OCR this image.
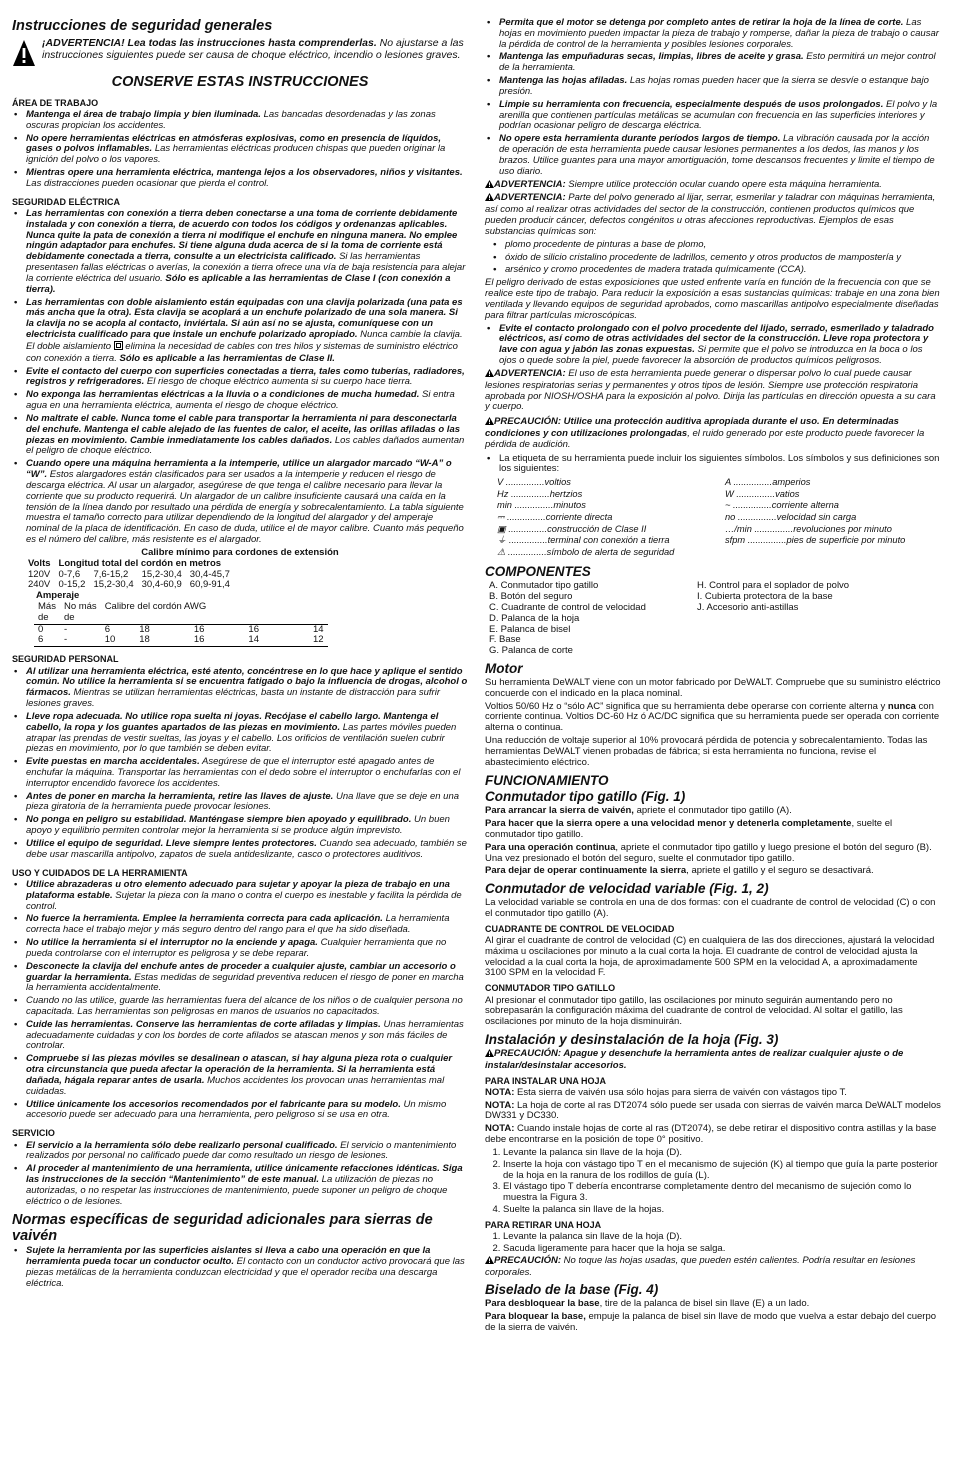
Instrucciones de seguridad generales

¡ADVERTENCIA! Lea todas las instrucciones hasta comprenderlas. No ajustarse a las instrucciones siguientes puede ser causa de choque eléctrico, incendio o lesiones graves.

CONSERVE ESTAS INSTRUCCIONES
ÁREA DE TRABAJO
• Mantenga el área de trabajo limpia y bien iluminada. Las bancadas desordenadas y las zonas oscuras propician los accidentes.
• No opere herramientas eléctricas en atmósferas explosivas, como en presencia de líquidos, gases o polvos inflamables. Las herramientas eléctricas producen chispas que pueden originar la ignición del polvo o los vapores.
• Mientras opere una herramienta eléctrica, mantenga lejos a los observadores, niños y visitantes. Las distracciones pueden ocasionar que pierda el control.
SEGURIDAD ELÉCTRICA
• Las herramientas con conexión a tierra deben conectarse a una toma de corriente debidamente instalada y con conexión a tierra, de acuerdo con todos los códigos y ordenanzas aplicables. Nunca quite la pata de conexión a tierra ni modifique el enchufe en ninguna manera. No emplee ningún adaptador para enchufes. Si tiene alguna duda acerca de si la toma de corriente está debidamente conectada a tierra, consulte a un electricista calificado. Si las herramientas presentasen fallas eléctricas o averías, la conexión a tierra ofrece una vía de baja resistencia para alejar la corriente eléctrica del usuario. Sólo es aplicable a las herramientas de Clase I (con conexión a tierra).
• Las herramientas con doble aislamiento están equipadas con una clavija polarizada (una pata es más ancha que la otra). Esta clavija se acoplará a un enchufe polarizado de una sola manera. Si la clavija no se acopla al contacto, inviértala. Si aún así no se ajusta, comuníquese con un electricista cualificado para que instale un enchufe polarizado apropiado. Nunca cambie la clavija. El doble aislamiento  elimina la necesidad de cables con tres hilos y sistemas de suministro eléctrico con conexión a tierra. Sólo es aplicable a las herramientas de Clase II.
• Evite el contacto del cuerpo con superficies conectadas a tierra, tales como tuberías, radiadores, registros y refrigeradores. El riesgo de choque eléctrico aumenta si su cuerpo hace tierra.
• No exponga las herramientas eléctricas a la lluvia o a condiciones de mucha humedad. Si entra agua en una herramienta eléctrica, aumenta el riesgo de choque eléctrico.
• No maltrate el cable. Nunca tome el cable para transportar la herramienta ni para desconectarla del enchufe. Mantenga el cable alejado de las fuentes de calor, el aceite, las orillas afiladas o las piezas en movimiento. Cambie inmediatamente los cables dañados. Los cables dañados aumentan el peligro de choque eléctrico.
• Cuando opere una máquina herramienta a la intemperie, utilice un alargador marcado “W-A” o “W”. Estos alargadores están clasificados para ser usados a la intemperie y reducen el riesgo de descarga eléctrica. Al usar un alargador, asegúrese de que tenga el calibre necesario para llevar la corriente que su producto requerirá. Un alargador de un calibre insuficiente causará una caída en la tensión de la línea dando por resultado una pérdida de energía y sobrecalentamiento. La tabla siguiente muestra el tamaño correcto para utilizar dependiendo de la longitud del alargador y del amperaje nominal de la placa de identificación. En caso de duda, utilice el de mayor calibre. Cuanto más pequeño es el número del calibre, más resistente es el alargador.
Calibre mínimo para cordones de extensión
Volts	Longitud total del cordón en metros			
120V	0-7,6	7,6-15,2	15,2-30,4	30,4-45,7
240V	0-15,2	15,2-30,4	30,4-60,9	60,9-91,4
Amperaje
Más	No más	Calibre del cordón AWG				
de	de					
0	-	6	18	16	16	14
6	-	10	18	16	14	12
SEGURIDAD PERSONAL
• Al utilizar una herramienta eléctrica, esté atento, concéntrese en lo que hace y aplique el sentido común. No utilice la herramienta si se encuentra fatigado o bajo la influencia de drogas, alcohol o fármacos. Mientras se utilizan herramientas eléctricas, basta un instante de distracción para sufrir lesiones graves.
• Lleve ropa adecuada. No utilice ropa suelta ni joyas. Recójase el cabello largo. Mantenga el cabello, la ropa y los guantes apartados de las piezas en movimiento. Las partes móviles pueden atrapar las prendas de vestir sueltas, las joyas y el cabello. Los orificios de ventilación suelen cubrir piezas en movimiento, por lo que también se deben evitar.
• Evite puestas en marcha accidentales. Asegúrese de que el interruptor esté apagado antes de enchufar la máquina. Transportar las herramientas con el dedo sobre el interruptor o enchufarlas con el interruptor encendido favorece los accidentes.
• Antes de poner en marcha la herramienta, retire las llaves de ajuste. Una llave que se deje en una pieza giratoria de la herramienta puede provocar lesiones.
• No ponga en peligro su estabilidad. Manténgase siempre bien apoyado y equilibrado. Un buen apoyo y equilibrio permiten controlar mejor la herramienta si se produce algún imprevisto.
• Utilice el equipo de seguridad. Lleve siempre lentes protectores. Cuando sea adecuado, también se debe usar mascarilla antipolvo, zapatos de suela antideslizante, casco o protectores auditivos.
USO Y CUIDADOS DE LA HERRAMIENTA
• Utilice abrazaderas u otro elemento adecuado para sujetar y apoyar la pieza de trabajo en una plataforma estable. Sujetar la pieza con la mano o contra el cuerpo es inestable y facilita la pérdida de control.
• No fuerce la herramienta. Emplee la herramienta correcta para cada aplicación. La herramienta correcta hace el trabajo mejor y más seguro dentro del rango para el que ha sido diseñada.
• No utilice la herramienta si el interruptor no la enciende y apaga. Cualquier herramienta que no pueda controlarse con el interruptor es peligrosa y se debe reparar.
• Desconecte la clavija del enchufe antes de proceder a cualquier ajuste, cambiar un accesorio o guardar la herramienta. Estas medidas de seguridad preventiva reducen el riesgo de poner en marcha la herramienta accidentalmente.
• Cuando no las utilice, guarde las herramientas fuera del alcance de los niños o de cualquier persona no capacitada. Las herramientas son peligrosas en manos de usuarios no capacitados.
• Cuide las herramientas. Conserve las herramientas de corte afiladas y limpias. Unas herramientas adecuadamente cuidadas y con los bordes de corte afilados se atascan menos y son más fáciles de controlar.
• Compruebe si las piezas móviles se desalinean o atascan, si hay alguna pieza rota o cualquier otra circunstancia que pueda afectar la operación de la herramienta. Si la herramienta está dañada, hágala reparar antes de usarla. Muchos accidentes los provocan unas herramientas mal cuidadas.
• Utilice únicamente los accesorios recomendados por el fabricante para su modelo. Un mismo accesorio puede ser adecuado para una herramienta, pero peligroso si se usa en otra.
SERVICIO
• El servicio a la herramienta sólo debe realizarlo personal cualificado. El servicio o mantenimiento realizados por personal no calificado puede dar como resultado un riesgo de lesiones.
• Al proceder al mantenimiento de una herramienta, utilice únicamente refacciones idénticas. Siga las instrucciones de la sección “Mantenimiento” de este manual. La utilización de piezas no autorizadas, o no respetar las instrucciones de mantenimiento, puede suponer un peligro de choque eléctrico o de lesiones.
Normas específicas de seguridad adicionales para sierras de vaivén
• Sujete la herramienta por las superficies aislantes si lleva a cabo una operación en que la herramienta pueda tocar un conductor oculto. El contacto con un conductor activo provocará que las piezas metálicas de la herramienta conduzcan electricidad y que el operador reciba una descarga eléctrica.
• Permita que el motor se detenga por completo antes de retirar la hoja de la línea de corte. Las hojas en movimiento pueden impactar la pieza de trabajo y romperse, dañar la pieza de trabajo o causar la pérdida de control de la herramienta y posibles lesiones corporales.
• Mantenga las empuñaduras secas, limpias, libres de aceite y grasa. Esto permitirá un mejor control de la herramienta.
• Mantenga las hojas afiladas. Las hojas romas pueden hacer que la sierra se desvíe o estanque bajo presión.
• Limpie su herramienta con frecuencia, especialmente después de usos prolongados. El polvo y la arenilla que contienen partículas metálicas se acumulan con frecuencia en las superficies interiores y podrían ocasionar peligro de descarga eléctrica.
• No opere esta herramienta durante períodos largos de tiempo. La vibración causada por la acción de operación de esta herramienta puede causar lesiones permanentes a los dedos, las manos y los brazos. Utilice guantes para una mayor amortiguación, tome descansos frecuentes y limite el tiempo de uso diario.

ADVERTENCIA: Siempre utilice protección ocular cuando opere esta máquina herramienta.

ADVERTENCIA: Parte del polvo generado al lijar, serrar, esmerilar y taladrar con máquinas herramienta, así como al realizar otras actividades del sector de la construcción, contienen productos químicos que pueden producir cáncer, defectos congénitos u otras afecciones reproductivas. Ejemplos de esas substancias químicas son:

• plomo procedente de pinturas a base de plomo,
• óxido de silicio cristalino procedente de ladrillos, cemento y otros productos de mampostería y
• arsénico y cromo procedentes de madera tratada químicamente (CCA).

El peligro derivado de estas exposiciones que usted enfrente varía en función de la frecuencia con que se realice este tipo de trabajo. Para reducir la exposición a esas sustancias químicas: trabaje en una zona bien ventilada y llevando equipos de seguridad aprobados, como mascarillas antipolvo especialmente diseñadas para filtrar partículas microscópicas.

• Evite el contacto prolongado con el polvo procedente del lijado, serrado, esmerilado y taladrado eléctricos, así como de otras actividades del sector de la construcción. Lleve ropa protectora y lave con agua y jabón las zonas expuestas. Si permite que el polvo se introduzca en la boca o los ojos o quede sobre la piel, puede favorecer la absorción de productos químicos peligrosos.

ADVERTENCIA: El uso de esta herramienta puede generar o dispersar polvo lo cual puede causar lesiones respiratorias serias y permanentes y otros tipos de lesión. Siempre use protección respiratoria aprobada por NIOSH/OSHA para la exposición al polvo. Dirija las partículas en dirección opuesta a su cara y cuerpo.

PRECAUCIÓN: Utilice una protección auditiva apropiada durante el uso. En determinadas condiciones y con utilizaciones prolongadas, el ruido generado por este producto puede favorecer la pérdida de audición.

• La etiqueta de su herramienta puede incluir los siguientes símbolos. Los símbolos y sus definiciones son los siguientes:
V ...............voltios	A ...............amperios
Hz ...............hertzios	W ...............vatios
min ...............minutos	~ ...............corriente alterna
⎓ ...............corriente directa	no ...............velocidad sin carga
▣ ...............construcción de Clase II	…/min ...............revoluciones por minuto
⏚ ...............terminal con conexión a tierra	sfpm ...............pies de superficie por minuto
⚠ ...............símbolo de alerta de seguridad
COMPONENTES
A. Conmutador tipo gatillo
B. Botón del seguro
C. Cuadrante de control de velocidad
D. Palanca de la hoja
E. Palanca de bisel
F. Base
G. Palanca de corte
H. Control para el soplador de polvo
I. Cubierta protectora de la base
J. Accesorio anti-astillas
Motor

Su herramienta DeWALT viene con un motor fabricado por DeWALT. Compruebe que su suministro eléctrico concuerde con el indicado en la placa nominal.

Voltios 50/60 Hz o “sólo AC” significa que su herramienta debe operarse con corriente alterna y nunca con corriente continua. Voltios DC-60 Hz ó AC/DC significa que su herramienta puede ser operada con corriente alterna o continua.

Una reducción de voltaje superior al 10% provocará pérdida de potencia y sobrecalentamiento. Todas las herramientas DeWALT vienen probadas de fábrica; si esta herramienta no funciona, revise el abastecimiento eléctrico.

FUNCIONAMIENTO
Conmutador tipo gatillo (Fig. 1)

Para arrancar la sierra de vaivén, apriete el conmutador tipo gatillo (A).

Para hacer que la sierra opere a una velocidad menor y detenerla completamente, suelte el conmutador tipo gatillo.

Para una operación continua, apriete el conmutador tipo gatillo y luego presione el botón del seguro (B). Una vez presionado el botón del seguro, suelte el conmutador tipo gatillo.

Para dejar de operar continuamente la sierra, apriete el gatillo y el seguro se desactivará.

Conmutador de velocidad variable (Fig. 1, 2)

La velocidad variable se controla en una de dos formas: con el cuadrante de control de velocidad (C) o con el conmutador tipo gatillo (A).

CUADRANTE DE CONTROL DE VELOCIDAD

Al girar el cuadrante de control de velocidad (C) en cualquiera de las dos direcciones, ajustará la velocidad máxima u oscilaciones por minuto a la cual corta la hoja. El cuadrante de control de velocidad ajusta la velocidad a la cual corta la hoja, de aproximadamente 500 SPM en la velocidad A, a aproximadamente 3100 SPM en la velocidad F.

CONMUTADOR TIPO GATILLO

Al presionar el conmutador tipo gatillo, las oscilaciones por minuto seguirán aumentando pero no sobrepasarán la configuración máxima del cuadrante de control de velocidad. Al soltar el gatillo, las oscilaciones por minuto de la hoja disminuirán.

Instalación y desinstalación de la hoja (Fig. 3)

PRECAUCIÓN: Apague y desenchufe la herramienta antes de realizar cualquier ajuste o de instalar/desinstalar accesorios.

PARA INSTALAR UNA HOJA

NOTA: Esta sierra de vaivén usa sólo hojas para sierra de vaivén con vástagos tipo T.

NOTA: La hoja de corte al ras DT2074 sólo puede ser usada con sierras de vaivén marca DeWALT modelos DW331 y DC330.

NOTA: Cuando instale hojas de corte al ras (DT2074), se debe retirar el dispositivo contra astillas y la base debe encontrarse en la posición de tope 0° positivo.

1. Levante la palanca sin llave de la hoja (D).
2. Inserte la hoja con vástago tipo T en el mecanismo de sujeción (K) al tiempo que guía la parte posterior de la hoja en la ranura de los rodillos de guía (L).
3. El vástago tipo T debería encontrarse completamente dentro del mecanismo de sujeción como lo muestra la Figura 3.
4. Suelte la palanca sin llave de la hojas.
PARA RETIRAR UNA HOJA
1. Levante la palanca sin llave de la hoja (D).
2. Sacuda ligeramente para hacer que la hoja se salga.

PRECAUCIÓN: No toque las hojas usadas, que pueden estén calientes. Podría resultar en lesiones corporales.

Biselado de la base (Fig. 4)

Para desbloquear la base, tire de la palanca de bisel sin llave (E) a un lado.

Para bloquear la base, empuje la palanca de bisel sin llave de modo que vuelva a estar debajo del cuerpo de la sierra de vaivén.
